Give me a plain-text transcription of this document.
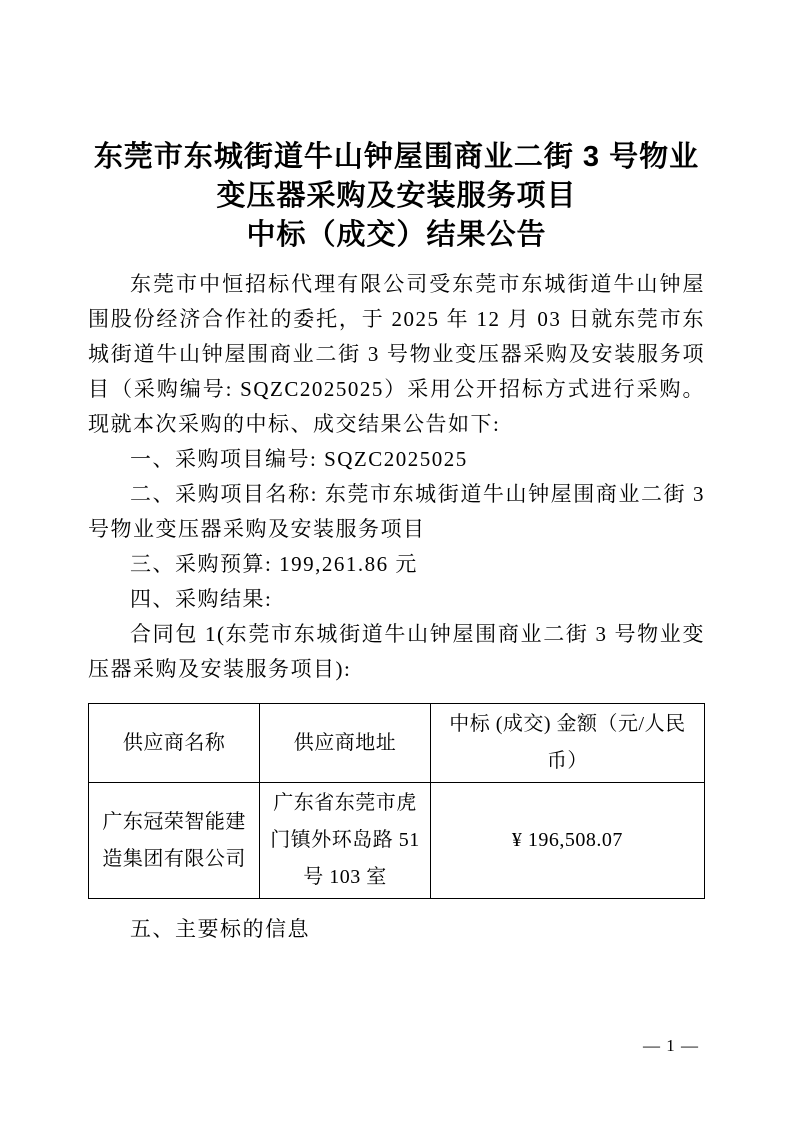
东莞市东城街道牛山钟屋围商业二街 3 号物业
变压器采购及安装服务项目
中标（成交）结果公告

东莞市中恒招标代理有限公司受东莞市东城街道牛山钟屋围股份经济合作社的委托，于 2025 年 12 月 03 日就东莞市东城街道牛山钟屋围商业二街 3 号物业变压器采购及安装服务项目（采购编号: SQZC2025025）采用公开招标方式进行采购。现就本次采购的中标、成交结果公告如下:

一、采购项目编号: SQZC2025025

二、采购项目名称: 东莞市东城街道牛山钟屋围商业二街 3 号物业变压器采购及安装服务项目

三、采购预算: 199,261.86 元

四、采购结果:

合同包 1(东莞市东城街道牛山钟屋围商业二街 3 号物业变压器采购及安装服务项目):

供应商名称	供应商地址	中标 (成交) 金额（元/人民币）
广东冠荣智能建造集团有限公司	广东省东莞市虎门镇外环岛路 51 号 103 室	¥ 196,508.07

五、主要标的信息

— 1 —
